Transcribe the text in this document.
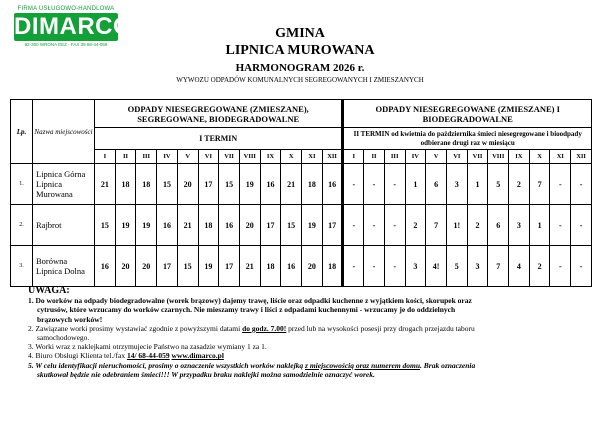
FIRMA USŁUGOWO-HANDLOWA
DIMARCO
82-300 WRONA EEZ · FAX 39 68-44-059
GMINA
LIPNICA MUROWANA
HARMONOGRAM 2026 r.
WYWOZU ODPADÓW KOMUNALNYCH SEGREGOWANYCH I ZMIESZANYCH
Lp.	Nazwa miejscowości	ODPADY NIESEGREGOWANE (ZMIESZANE), SEGREGOWANE, BIODEGRADOWALNE												ODPADY NIESEGREGOWANE (ZMIESZANE) I BIODEGRADOWALNE											
		I TERMIN												II TERMIN od kwietnia do października śmieci niesegregowane i bioodpady odbierane drugi raz w miesiącu											
		I	II	III	IV	V	VI	VII	VIII	IX	X	XI	XII	I	II	III	IV	V	VI	VII	VIII	IX	X	XI	XII
1.	Lipnica Górna Lipnica Murowana	21	18	18	15	20	17	15	19	16	21	18	16	-	-	-	1	6	3	1	5	2	7	-	-
2.	Rajbrot	15	19	19	16	21	18	16	20	17	15	19	17	-	-	-	2	7	1!	2	6	3	1	-	-
3.	Borówna Lipnica Dolna	16	20	20	17	15	19	17	21	18	16	20	18	-	-	-	3	4!	5	3	7	4	2	-	-
UWAGA:

1. Do worków na odpady biodegradowalne (worek brązowy) dajemy trawę, liście oraz odpadki kuchenne z wyjątkiem kości, skorupek oraz

cytrusów, które wrzucamy do worków czarnych. Nie mieszamy trawy i liści z odpadami kuchennymi - wrzucamy je do oddzielnych

brązowych worków!

2. Zawiązane worki prosimy wystawiać zgodnie z powyższymi datami do godz. 7.00! przed lub na wysokości posesji przy drogach przejazdu taboru

samochodowego.

3. Worki wraz z naklejkami otrzymujecie Państwo na zasadzie wymiany 1 za 1.

4. Biuro Obsługi Klienta tel./fax 14/ 68-44-059 www.dimarco.pl

5. W celu identyfikacji nieruchomości, prosimy o oznaczenie wszystkich worków naklejką z miejscowością oraz numerem domu. Brak oznaczenia

skutkował będzie nie odebraniem śmieci!!! W przypadku braku naklejki można samodzielnie oznaczyć worek.
